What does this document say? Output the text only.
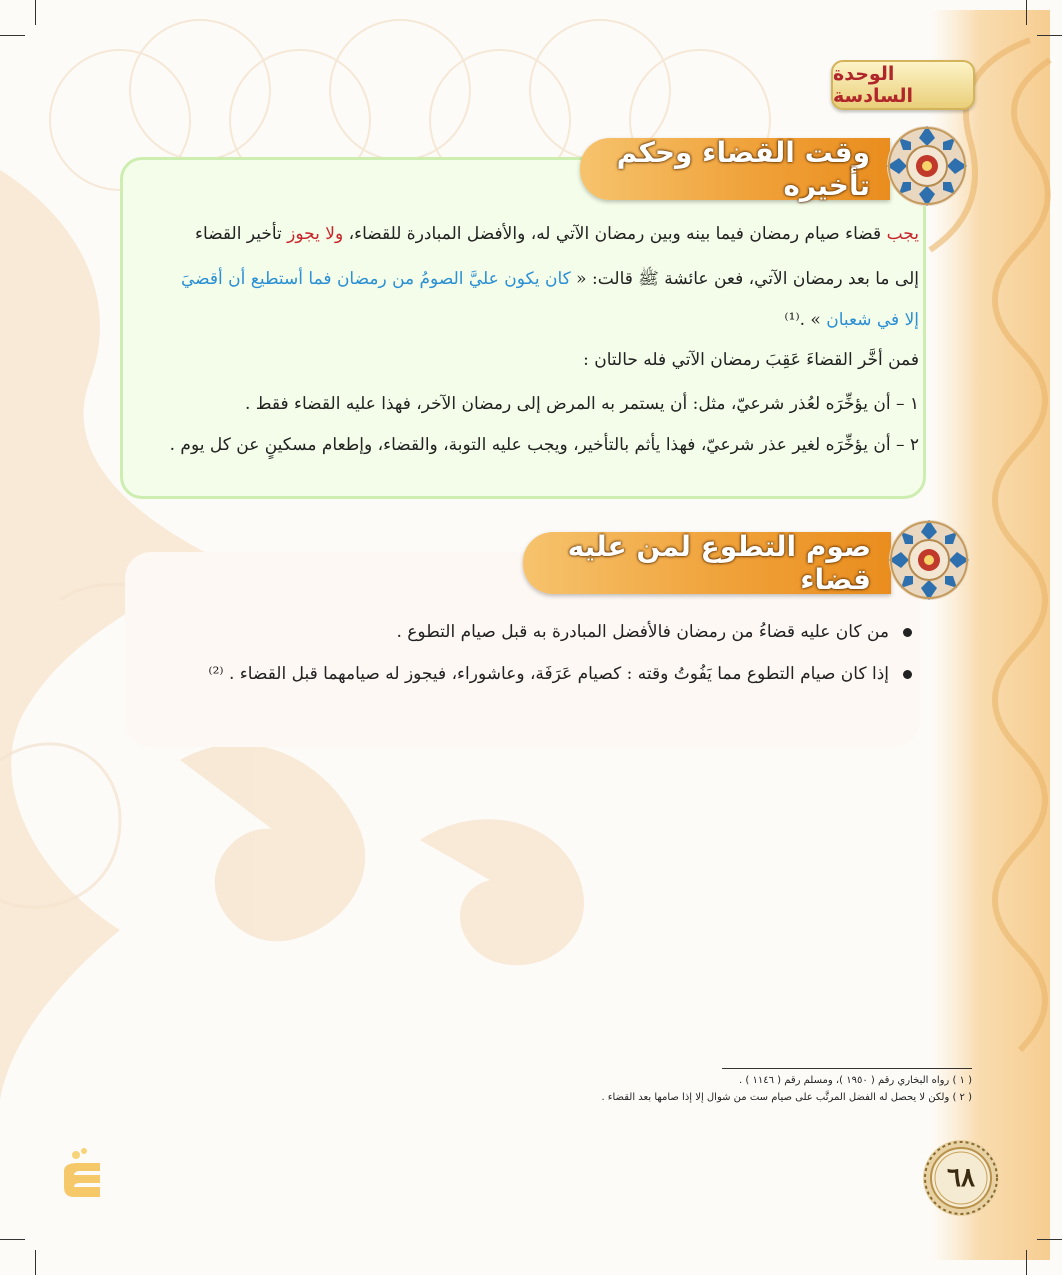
الوحدة السادسة
وقت القضاء وحكم تأخيره
يجب قضاء صيام رمضان فيما بينه وبين رمضان الآتي له، والأفضل المبادرة للقضاء، ولا يجوز تأخير القضاء
إلى ما بعد رمضان الآتي، فعن عائشة ﷺ قالت: « كان يكون عليَّ الصومُ من رمضان فما أستطيع أن أقضيَ
إلا في شعبان » .⁽¹⁾
فمن أخَّر القضاءَ عَقِبَ رمضان الآتي فله حالتان :
١ – أن يؤخِّرَه لعُذر شرعيّ، مثل: أن يستمر به المرض إلى رمضان الآخر، فهذا عليه القضاء فقط .
٢ – أن يؤخِّرَه لغير عذر شرعيّ، فهذا يأثم بالتأخير، ويجب عليه التوبة، والقضاء، وإطعام مسكينٍ عن كل يوم .
صوم التطوع لمن عليه قضاء
من كان عليه قضاءُ من رمضان فالأفضل المبادرة به قبل صيام التطوع .
إذا كان صيام التطوع مما يَفُوتُ وقته : كصيام عَرَفَة، وعاشوراء، فيجوز له صيامهما قبل القضاء . ⁽²⁾
( ١ ) رواه البخاري رقم ( ١٩٥٠ )، ومسلم رقم ( ١١٤٦ ) .
( ٢ ) ولكن لا يحصل له الفضل المرتَّب على صيام ست من شوال إلا إذا صامها بعد القضاء .
٦٨
